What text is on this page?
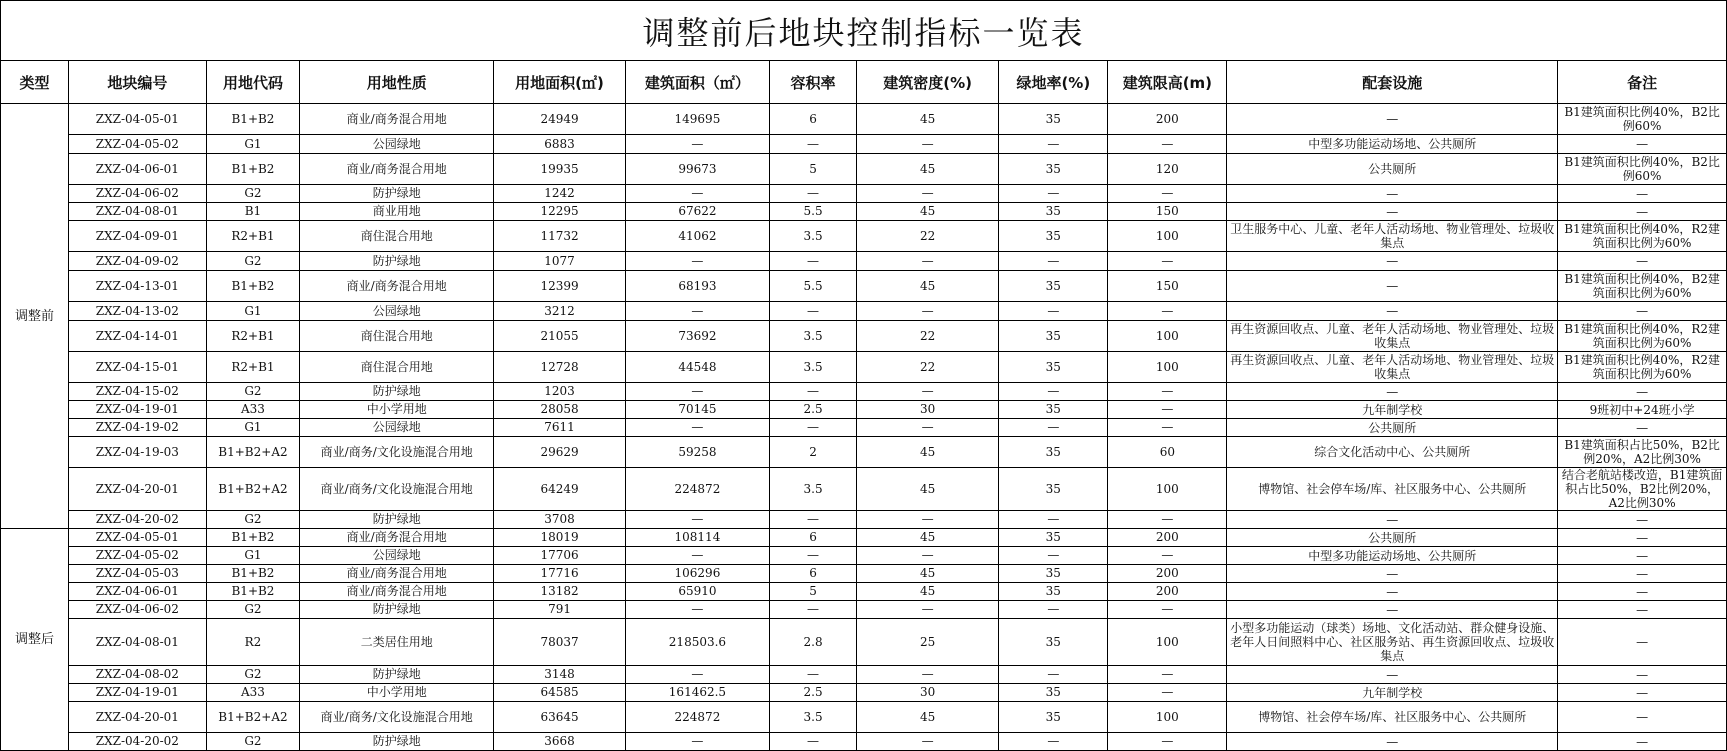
调整前后地块控制指标一览表
类型	地块编号	用地代码	用地性质	用地面积(㎡)	建筑面积（㎡）	容积率	建筑密度(%)	绿地率(%)	建筑限高(m)	配套设施	备注
调整前	ZXZ-04-05-01	B1+B2	商业/商务混合用地	24949	149695	6	45	35	200	—	B1建筑面积比例40%，B2比例60%
	ZXZ-04-05-02	G1	公园绿地	6883	—	—	—	—	—	中型多功能运动场地、公共厕所	—
	ZXZ-04-06-01	B1+B2	商业/商务混合用地	19935	99673	5	45	35	120	公共厕所	B1建筑面积比例40%，B2比例60%
	ZXZ-04-06-02	G2	防护绿地	1242	—	—	—	—	—	—	—
	ZXZ-04-08-01	B1	商业用地	12295	67622	5.5	45	35	150	—	—
	ZXZ-04-09-01	R2+B1	商住混合用地	11732	41062	3.5	22	35	100	卫生服务中心、儿童、老年人活动场地、物业管理处、垃圾收集点	B1建筑面积比例40%，R2建筑面积比例为60%
	ZXZ-04-09-02	G2	防护绿地	1077	—	—	—	—	—	—	—
	ZXZ-04-13-01	B1+B2	商业/商务混合用地	12399	68193	5.5	45	35	150	—	B1建筑面积比例40%，B2建筑面积比例为60%
	ZXZ-04-13-02	G1	公园绿地	3212	—	—	—	—	—	—	—
	ZXZ-04-14-01	R2+B1	商住混合用地	21055	73692	3.5	22	35	100	再生资源回收点、儿童、老年人活动场地、物业管理处、垃圾收集点	B1建筑面积比例40%，R2建筑面积比例为60%
	ZXZ-04-15-01	R2+B1	商住混合用地	12728	44548	3.5	22	35	100	再生资源回收点、儿童、老年人活动场地、物业管理处、垃圾收集点	B1建筑面积比例40%，R2建筑面积比例为60%
	ZXZ-04-15-02	G2	防护绿地	1203	—	—	—	—	—	—	—
	ZXZ-04-19-01	A33	中小学用地	28058	70145	2.5	30	35	—	九年制学校	9班初中+24班小学
	ZXZ-04-19-02	G1	公园绿地	7611	—	—	—	—	—	公共厕所	—
	ZXZ-04-19-03	B1+B2+A2	商业/商务/文化设施混合用地	29629	59258	2	45	35	60	综合文化活动中心、公共厕所	B1建筑面积占比50%，B2比例20%，A2比例30%
	ZXZ-04-20-01	B1+B2+A2	商业/商务/文化设施混合用地	64249	224872	3.5	45	35	100	博物馆、社会停车场/库、社区服务中心、公共厕所	结合老航站楼改造，B1建筑面积占比50%，B2比例20%，A2比例30%
	ZXZ-04-20-02	G2	防护绿地	3708	—	—	—	—	—	—	—
调整后	ZXZ-04-05-01	B1+B2	商业/商务混合用地	18019	108114	6	45	35	200	公共厕所	—
	ZXZ-04-05-02	G1	公园绿地	17706	—	—	—	—	—	中型多功能运动场地、公共厕所	—
	ZXZ-04-05-03	B1+B2	商业/商务混合用地	17716	106296	6	45	35	200	—	—
	ZXZ-04-06-01	B1+B2	商业/商务混合用地	13182	65910	5	45	35	200	—	—
	ZXZ-04-06-02	G2	防护绿地	791	—	—	—	—	—	—	—
	ZXZ-04-08-01	R2	二类居住用地	78037	218503.6	2.8	25	35	100	小型多功能运动（球类）场地、文化活动站、群众健身设施、老年人日间照料中心、社区服务站、再生资源回收点、垃圾收集点	—
	ZXZ-04-08-02	G2	防护绿地	3148	—	—	—	—	—	—	—
	ZXZ-04-19-01	A33	中小学用地	64585	161462.5	2.5	30	35	—	九年制学校	—
	ZXZ-04-20-01	B1+B2+A2	商业/商务/文化设施混合用地	63645	224872	3.5	45	35	100	博物馆、社会停车场/库、社区服务中心、公共厕所	—
	ZXZ-04-20-02	G2	防护绿地	3668	—	—	—	—	—	—	—
